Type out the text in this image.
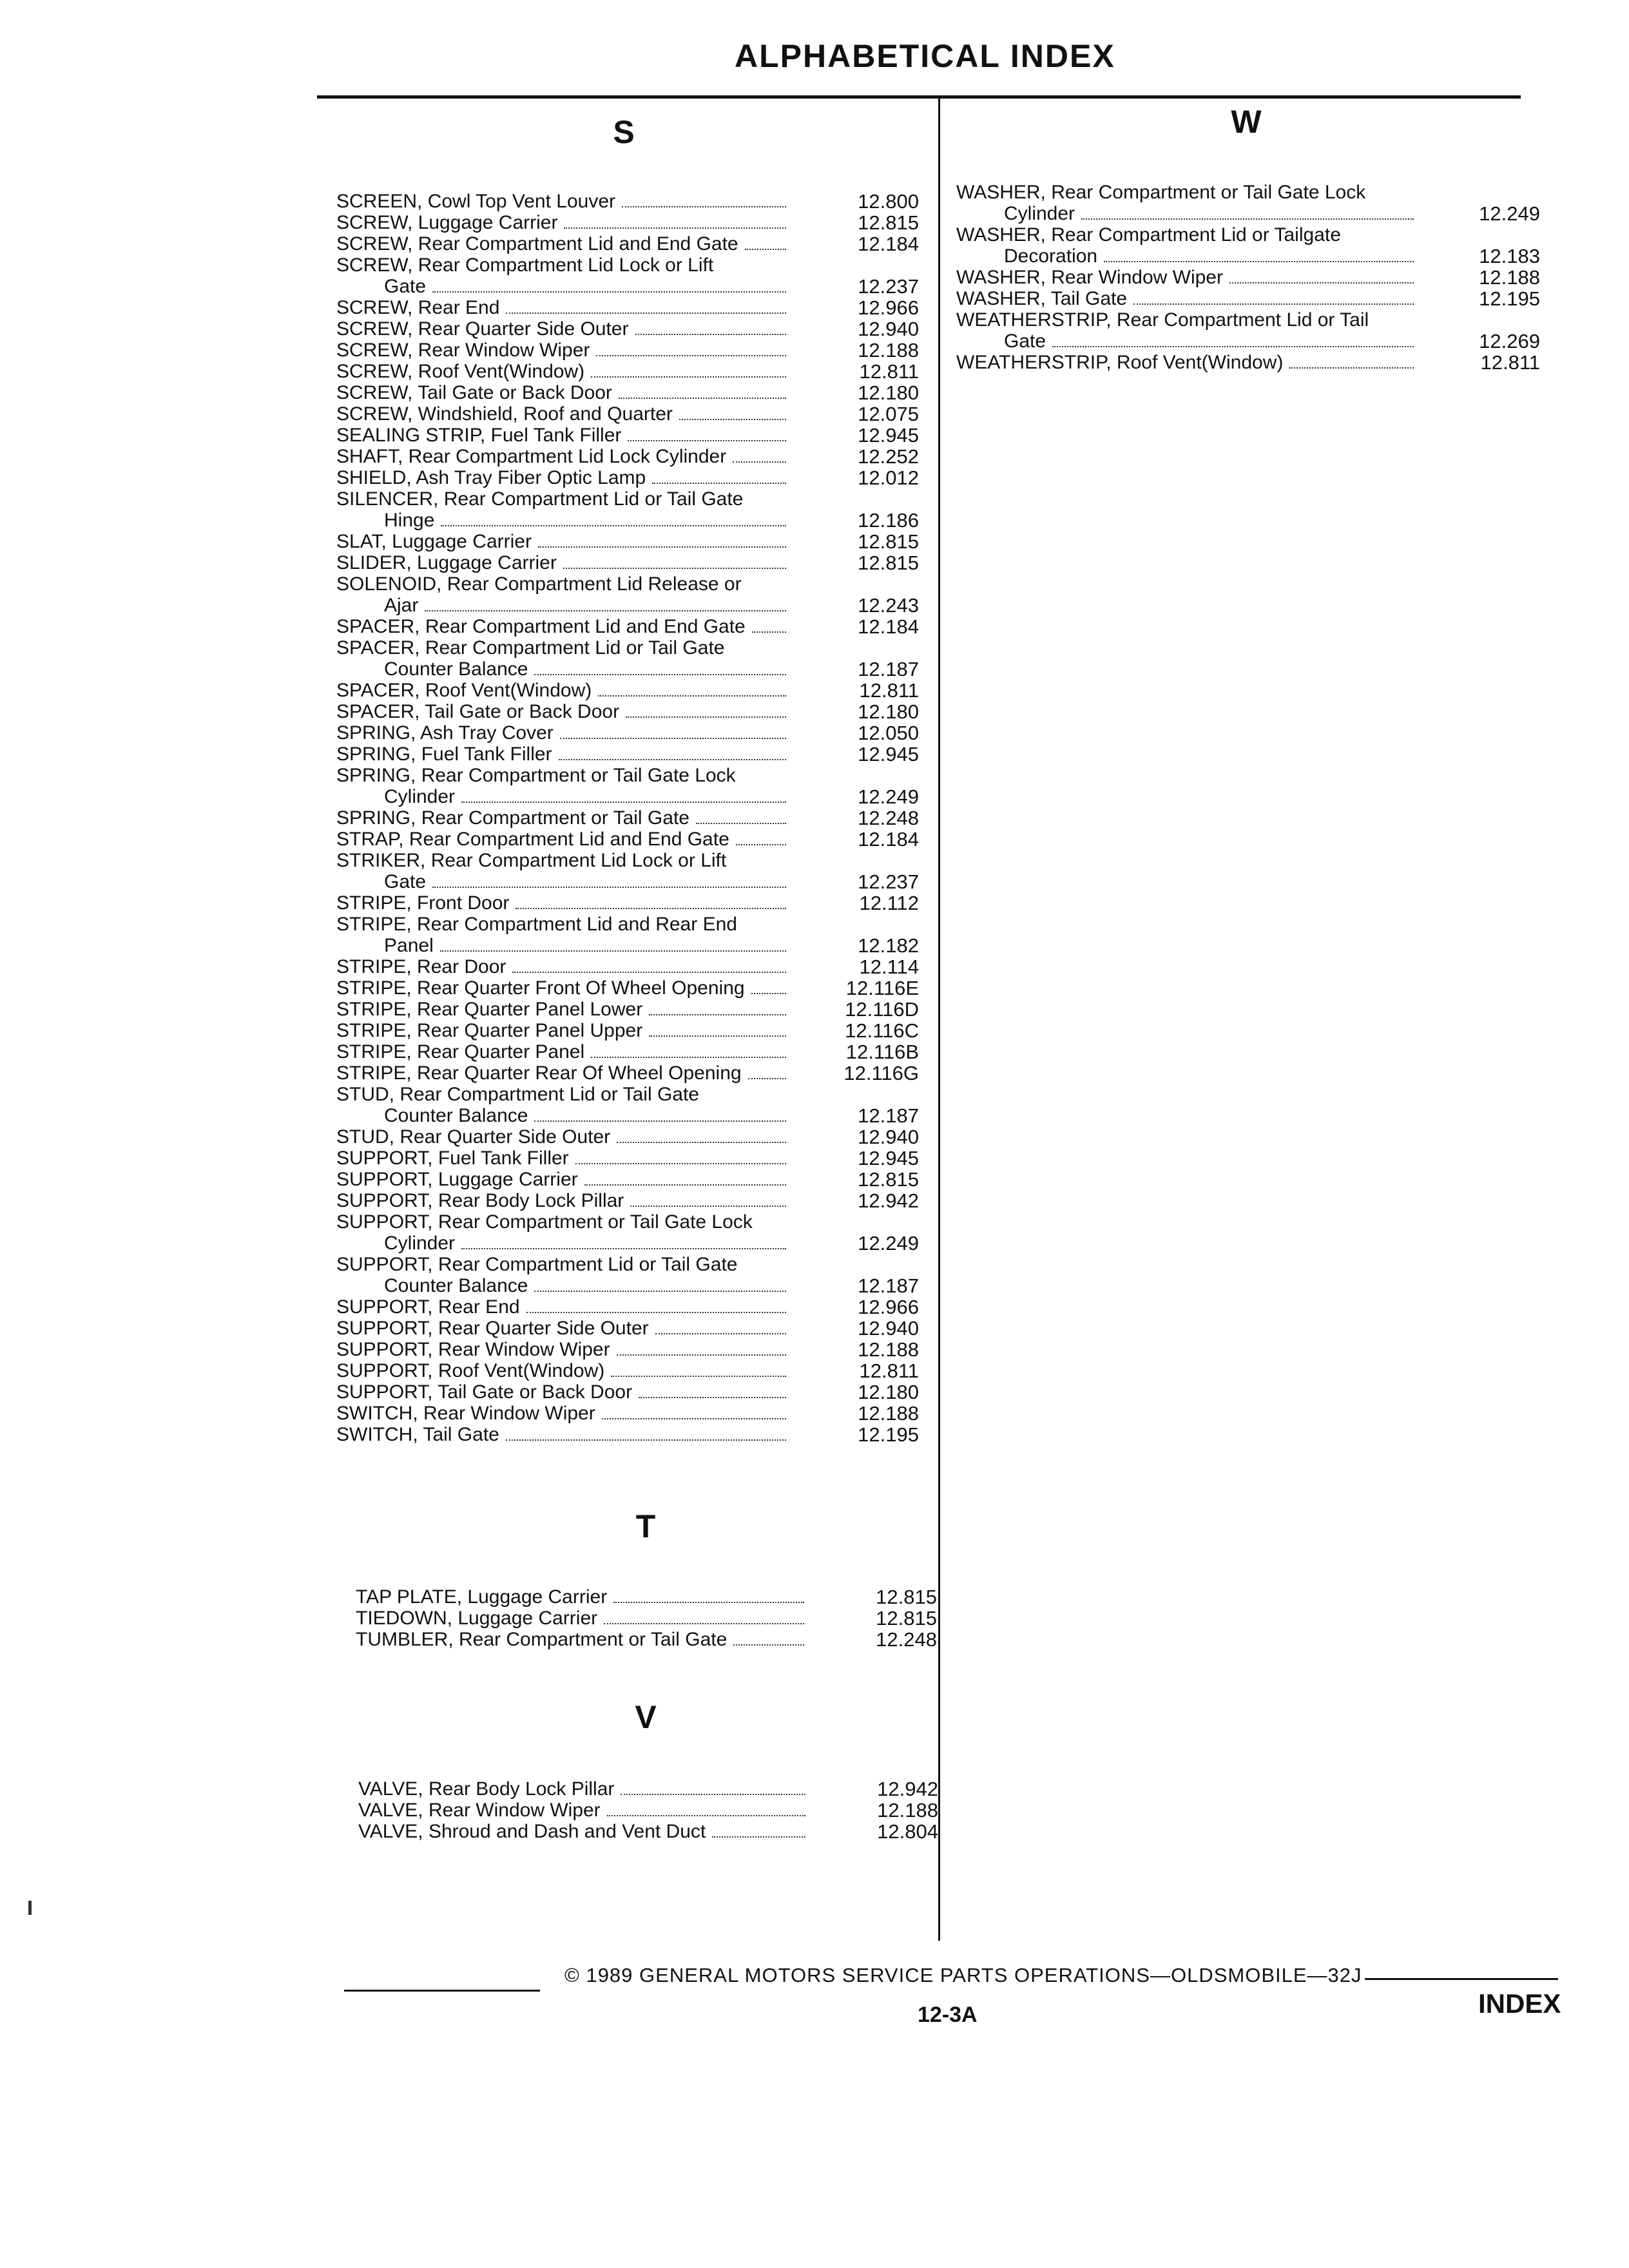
ALPHABETICAL INDEX
S
SCREEN, Cowl Top Vent Louver	12.800
SCREW, Luggage Carrier	12.815
SCREW, Rear Compartment Lid and End Gate	12.184
SCREW, Rear Compartment Lid Lock or Lift
Gate	12.237
SCREW, Rear End	12.966
SCREW, Rear Quarter Side Outer	12.940
SCREW, Rear Window Wiper	12.188
SCREW, Roof Vent(Window)	12.811
SCREW, Tail Gate or Back Door	12.180
SCREW, Windshield, Roof and Quarter	12.075
SEALING STRIP, Fuel Tank Filler	12.945
SHAFT, Rear Compartment Lid Lock Cylinder	12.252
SHIELD, Ash Tray Fiber Optic Lamp	12.012
SILENCER, Rear Compartment Lid or Tail Gate
Hinge	12.186
SLAT, Luggage Carrier	12.815
SLIDER, Luggage Carrier	12.815
SOLENOID, Rear Compartment Lid Release or
Ajar	12.243
SPACER, Rear Compartment Lid and End Gate	12.184
SPACER, Rear Compartment Lid or Tail Gate
Counter Balance	12.187
SPACER, Roof Vent(Window)	12.811
SPACER, Tail Gate or Back Door	12.180
SPRING, Ash Tray Cover	12.050
SPRING, Fuel Tank Filler	12.945
SPRING, Rear Compartment or Tail Gate Lock
Cylinder	12.249
SPRING, Rear Compartment or Tail Gate	12.248
STRAP, Rear Compartment Lid and End Gate	12.184
STRIKER, Rear Compartment Lid Lock or Lift
Gate	12.237
STRIPE, Front Door	12.112
STRIPE, Rear Compartment Lid and Rear End
Panel	12.182
STRIPE, Rear Door	12.114
STRIPE, Rear Quarter Front Of Wheel Opening	12.116E
STRIPE, Rear Quarter Panel Lower	12.116D
STRIPE, Rear Quarter Panel Upper	12.116C
STRIPE, Rear Quarter Panel	12.116B
STRIPE, Rear Quarter Rear Of Wheel Opening	12.116G
STUD, Rear Compartment Lid or Tail Gate
Counter Balance	12.187
STUD, Rear Quarter Side Outer	12.940
SUPPORT, Fuel Tank Filler	12.945
SUPPORT, Luggage Carrier	12.815
SUPPORT, Rear Body Lock Pillar	12.942
SUPPORT, Rear Compartment or Tail Gate Lock
Cylinder	12.249
SUPPORT, Rear Compartment Lid or Tail Gate
Counter Balance	12.187
SUPPORT, Rear End	12.966
SUPPORT, Rear Quarter Side Outer	12.940
SUPPORT, Rear Window Wiper	12.188
SUPPORT, Roof Vent(Window)	12.811
SUPPORT, Tail Gate or Back Door	12.180
SWITCH, Rear Window Wiper	12.188
SWITCH, Tail Gate	12.195
T
TAP PLATE, Luggage Carrier	12.815
TIEDOWN, Luggage Carrier	12.815
TUMBLER, Rear Compartment or Tail Gate	12.248
V
VALVE, Rear Body Lock Pillar	12.942
VALVE, Rear Window Wiper	12.188
VALVE, Shroud and Dash and Vent Duct	12.804
W
WASHER, Rear Compartment or Tail Gate Lock
Cylinder	12.249
WASHER, Rear Compartment Lid or Tailgate
Decoration	12.183
WASHER, Rear Window Wiper	12.188
WASHER, Tail Gate	12.195
WEATHERSTRIP, Rear Compartment Lid or Tail
Gate	12.269
WEATHERSTRIP, Roof Vent(Window)	12.811
© 1989 GENERAL MOTORS SERVICE PARTS OPERATIONS—OLDSMOBILE—32J
12-3A	INDEX
